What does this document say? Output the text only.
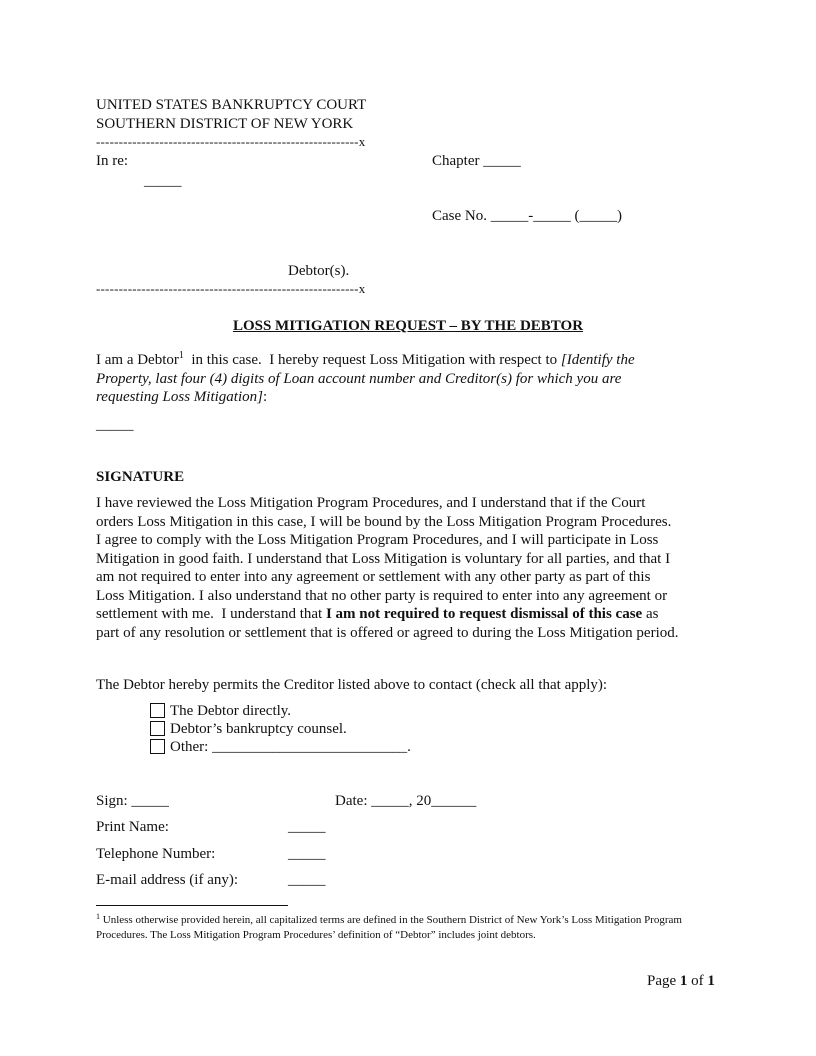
UNITED STATES BANKRUPTCY COURT
SOUTHERN DISTRICT OF NEW YORK
----------------------------------------------------------x
In re:
_____
Chapter _____
Case No. _____-_____ (_____)
Debtor(s).
----------------------------------------------------------x
LOSS MITIGATION REQUEST – BY THE DEBTOR
I am a Debtor$^1$  in this case.  I hereby request Loss Mitigation with respect to [Identify the
Property, last four (4) digits of Loan account number and Creditor(s) for which you are
requesting Loss Mitigation]:
_____
SIGNATURE
I have reviewed the Loss Mitigation Program Procedures, and I understand that if the Court
orders Loss Mitigation in this case, I will be bound by the Loss Mitigation Program Procedures.
I agree to comply with the Loss Mitigation Program Procedures, and I will participate in Loss
Mitigation in good faith. I understand that Loss Mitigation is voluntary for all parties, and that I
am not required to enter into any agreement or settlement with any other party as part of this
Loss Mitigation. I also understand that no other party is required to enter into any agreement or
settlement with me.  I understand that I am not required to request dismissal of this case as
part of any resolution or settlement that is offered or agreed to during the Loss Mitigation period.
The Debtor hereby permits the Creditor listed above to contact (check all that apply):
The Debtor directly.
Debtor’s bankruptcy counsel.
Other: __________________________.
Sign: _____	Date: _____, 20______
Print Name:	_____
Telephone Number:	_____
E-mail address (if any):	_____
$^1$ Unless otherwise provided herein, all capitalized terms are defined in the Southern District of New York’s Loss Mitigation Program Procedures. The Loss Mitigation Program Procedures’ definition of “Debtor” includes joint debtors.
Page 1 of 1
